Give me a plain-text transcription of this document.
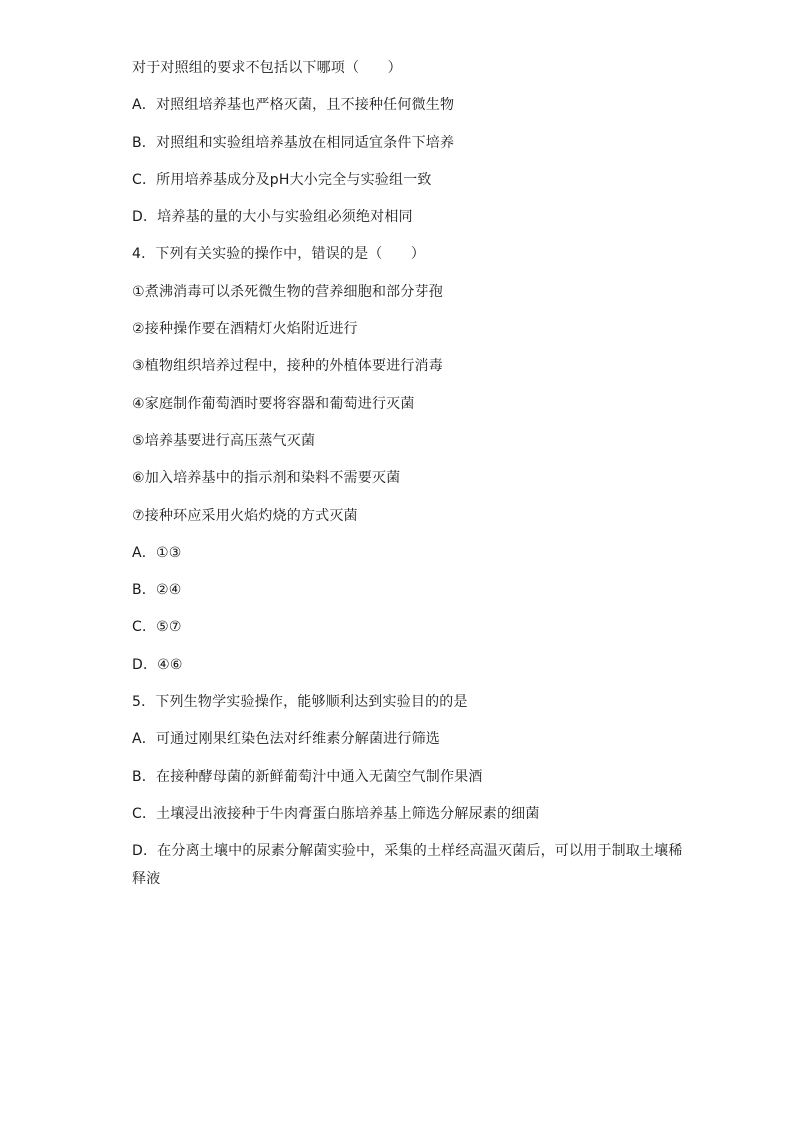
对于对照组的要求不包括以下哪项（　　）
A．对照组培养基也严格灭菌，且不接种任何微生物
B．对照组和实验组培养基放在相同适宜条件下培养
C．所用培养基成分及pH大小完全与实验组一致
D．培养基的量的大小与实验组必须绝对相同
4．下列有关实验的操作中，错误的是（　　）
①煮沸消毒可以杀死微生物的营养细胞和部分芽孢
②接种操作要在酒精灯火焰附近进行
③植物组织培养过程中，接种的外植体要进行消毒
④家庭制作葡萄酒时要将容器和葡萄进行灭菌
⑤培养基要进行高压蒸气灭菌
⑥加入培养基中的指示剂和染料不需要灭菌
⑦接种环应采用火焰灼烧的方式灭菌
A．①③
B．②④
C．⑤⑦
D．④⑥
5．下列生物学实验操作，能够顺利达到实验目的的是
A．可通过刚果红染色法对纤维素分解菌进行筛选
B．在接种酵母菌的新鲜葡萄汁中通入无菌空气制作果酒
C．土壤浸出液接种于牛肉膏蛋白胨培养基上筛选分解尿素的细菌
D．在分离土壤中的尿素分解菌实验中，采集的土样经高温灭菌后，可以用于制取土壤稀释液
